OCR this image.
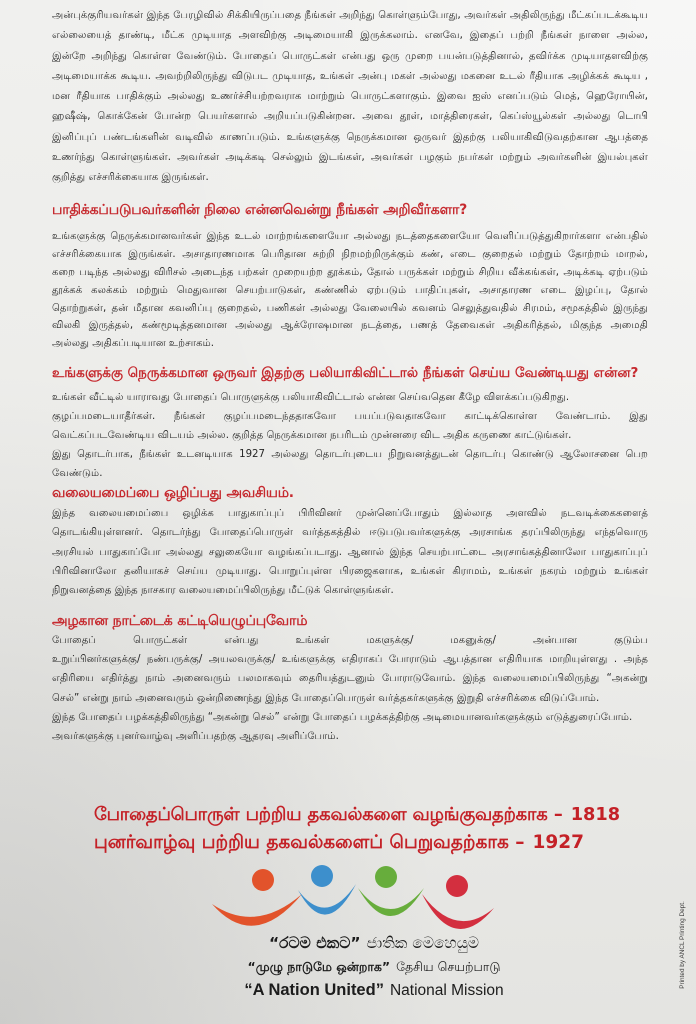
அன்புக்குரியவர்கள் இந்த பேரழிவில் சிக்கியிருப்பதை நீங்கள் அறிந்து கொள்ளும்போது, அவர்கள் அதிலிருந்து மீட்கப்படக்கூடிய
எல்லையைத் தாண்டி, மீட்க முடியாத அளவிற்கு அடிமையாகி இருக்கலாம். எனவே, இதைப் பற்றி நீங்கள் நாளை அல்ல,
இன்றே அறிந்து கொள்ள வேண்டும். போதைப் பொருட்கள் என்பது ஒரு முறை பயன்படுத்தினால், தவிர்க்க முடியாதளவிற்கு
அடிமையாக்க கூடிய. அவற்றிலிருந்து விடுபட முடியாத, உங்கள் அன்பு மகள் அல்லது மகனை உடல் ரீதியாக அழிக்கக் கூடிய ,
மன ரீதியாக பாதிக்கும் அல்லது உணர்ச்சியற்றவராக மாற்றும் பொருட்களாகும். இவை ஐஸ் எனப்படும் மெத், ஹெரோயின்,
ஹஷீஷ், கொக்கேன் போன்ற பெயர்களால் அறியப்படுகின்றன. அவை தூள், மாத்திரைகள், கெப்ஸ்யூல்கள் அல்லது டொபி
இனிப்புப் பண்டங்களின் வடிவில் காணப்படும். உங்களுக்கு நெருக்கமான ஒருவர் இதற்கு பலியாகிவிடுவதற்கான ஆபத்தை
உணர்ந்து கொள்ளுங்கள். அவர்கள் அடிக்கடி செல்லும் இடங்கள், அவர்கள் பழகும் நபர்கள் மற்றும் அவர்களின் இயல்புகள்
குறித்து எச்சரிக்கையாக இருங்கள்.
பாதிக்கப்படுபவர்களின் நிலை என்னவென்று நீங்கள் அறிவீர்களா?
உங்களுக்கு நெருக்கமானவர்கள் இந்த உடல் மாற்றங்களையோ அல்லது நடத்தைகளையோ வெளிப்படுத்துகிறார்களா என்பதில்
எச்சரிக்கையாக இருங்கள். அசாதாரணமாக பெரிதான சுற்றி நிறமற்றிருக்கும் கண், எடை குறைதல் மற்றும் தோற்றம் மாறல்,
கறை படிந்த அல்லது விரிசல் அடைந்த பற்கள் முறையற்ற தூக்கம், தோல் பருக்கள் மற்றும் சிறிய வீக்கங்கள், அடிக்கடி ஏற்படும்
தூக்கக் கலக்கம் மற்றும் மெதுவான செயற்பாடுகள், கண்ணில் ஏற்படும் பாதிப்புகள், அசாதாரண எடை இழப்பு, தோல்
தொற்றுகள், தன் மீதான கவனிப்பு குறைதல், பணிகள் அல்லது வேலையில் கவனம் செலுத்துவதில் சிரமம், சமூகத்தில் இருந்து
விலகி இருத்தல், கண்மூடித்தனமான அல்லது ஆக்ரோஷமான நடத்தை, பணத் தேவைகள் அதிகரித்தல், மிகுந்த அமைதி
அல்லது அதிகப்படியான உற்சாகம்.
உங்களுக்கு நெருக்கமான ஒருவர் இதற்கு பலியாகிவிட்டால் நீங்கள் செய்ய வேண்டியது என்ன?
உங்கள் வீட்டில் யாராவது போதைப் பொருளுக்கு பலியாகிவிட்டால் என்ன செய்வதென கீழே விளக்கப்படுகிறது.
குழப்பமடையாதீர்கள். நீங்கள் குழப்பமடைந்ததாகவோ பயப்படுவதாகவோ காட்டிக்கொள்ள வேண்டாம். இது
வெட்கப்படவேண்டிய விடயம் அல்ல. குறித்த நெருக்கமான நபரிடம் முன்னரை விட அதிக கருணை காட்டுங்கள்.
இது தொடர்பாக, நீங்கள் உடனடியாக 1927 அல்லது தொடர்புடைய நிறுவனத்துடன் தொடர்பு கொண்டு ஆலோசனை பெற
வேண்டும்.
வலையமைப்பை ஒழிப்பது அவசியம்.
இந்த வலையமைப்பை ஒழிக்க பாதுகாப்புப் பிரிவினர் முன்னெப்போதும் இல்லாத அளவில் நடவடிக்கைகளைத்
தொடங்கியுள்ளனர். தொடர்ந்து போதைப்பொருள் வர்த்தகத்தில் ஈடுபடுபவர்களுக்கு அரசாங்க தரப்பிலிருந்து எந்தவொரு
அரசியல் பாதுகாப்போ அல்லது சலுகையோ வழங்கப்படாது. ஆனால் இந்த செயற்பாட்டை அரசாங்கத்தினாலோ பாதுகாப்புப்
பிரிவினாலோ தனியாகச் செய்ய முடியாது. பொறுப்புள்ள பிரஜைகளாக, உங்கள் கிராமம், உங்கள் நகரம் மற்றும் உங்கள்
நிறுவனத்தை இந்த நாசகார வலையமைப்பிலிருந்து மீட்டுக் கொள்ளுங்கள்.
அழகான நாட்டைக் கட்டியெழுப்புவோம்
போதைப் பொருட்கள் என்பது உங்கள் மகளுக்கு/ மகனுக்கு/ அன்பான குடும்ப
உறுப்பினர்களுக்கு/ நண்பருக்கு/ அயலவருக்கு/ உங்களுக்கு எதிராகப் போராடும் ஆபத்தான எதிரியாக மாறியுள்ளது . அந்த
எதிரியை எதிர்த்து நாம் அனைவரும் பலமாகவும் தைரியத்துடனும் போராடுவோம். இந்த வலையமைப்பிலிருந்து “அகன்று
செல்” என்று நாம் அனைவரும் ஒன்றிணைந்து இந்த போதைப்பொருள் வர்த்தகர்களுக்கு இறுதி எச்சரிக்கை விடுப்போம்.
இந்த போதைப் பழக்கத்திலிருந்து “அகன்று செல்” என்று போதைப் பழக்கத்திற்கு அடிமையானவர்களுக்கும் எடுத்துரைப்போம்.
அவர்களுக்கு புனர்வாழ்வு அளிப்பதற்கு ஆதரவு அளிப்போம்.
போதைப்பொருள் பற்றிய தகவல்களை வழங்குவதற்காக – 1818
புனர்வாழ்வு பற்றிய தகவல்களைப் பெறுவதற்காக – 1927
“රටම එකට” ජාතික මෙහෙයුම
“முழு நாடுமே ஒன்றாக” தேசிய செயற்பாடு
“A Nation United” National Mission
Printed by ANCL Printing Dept.
